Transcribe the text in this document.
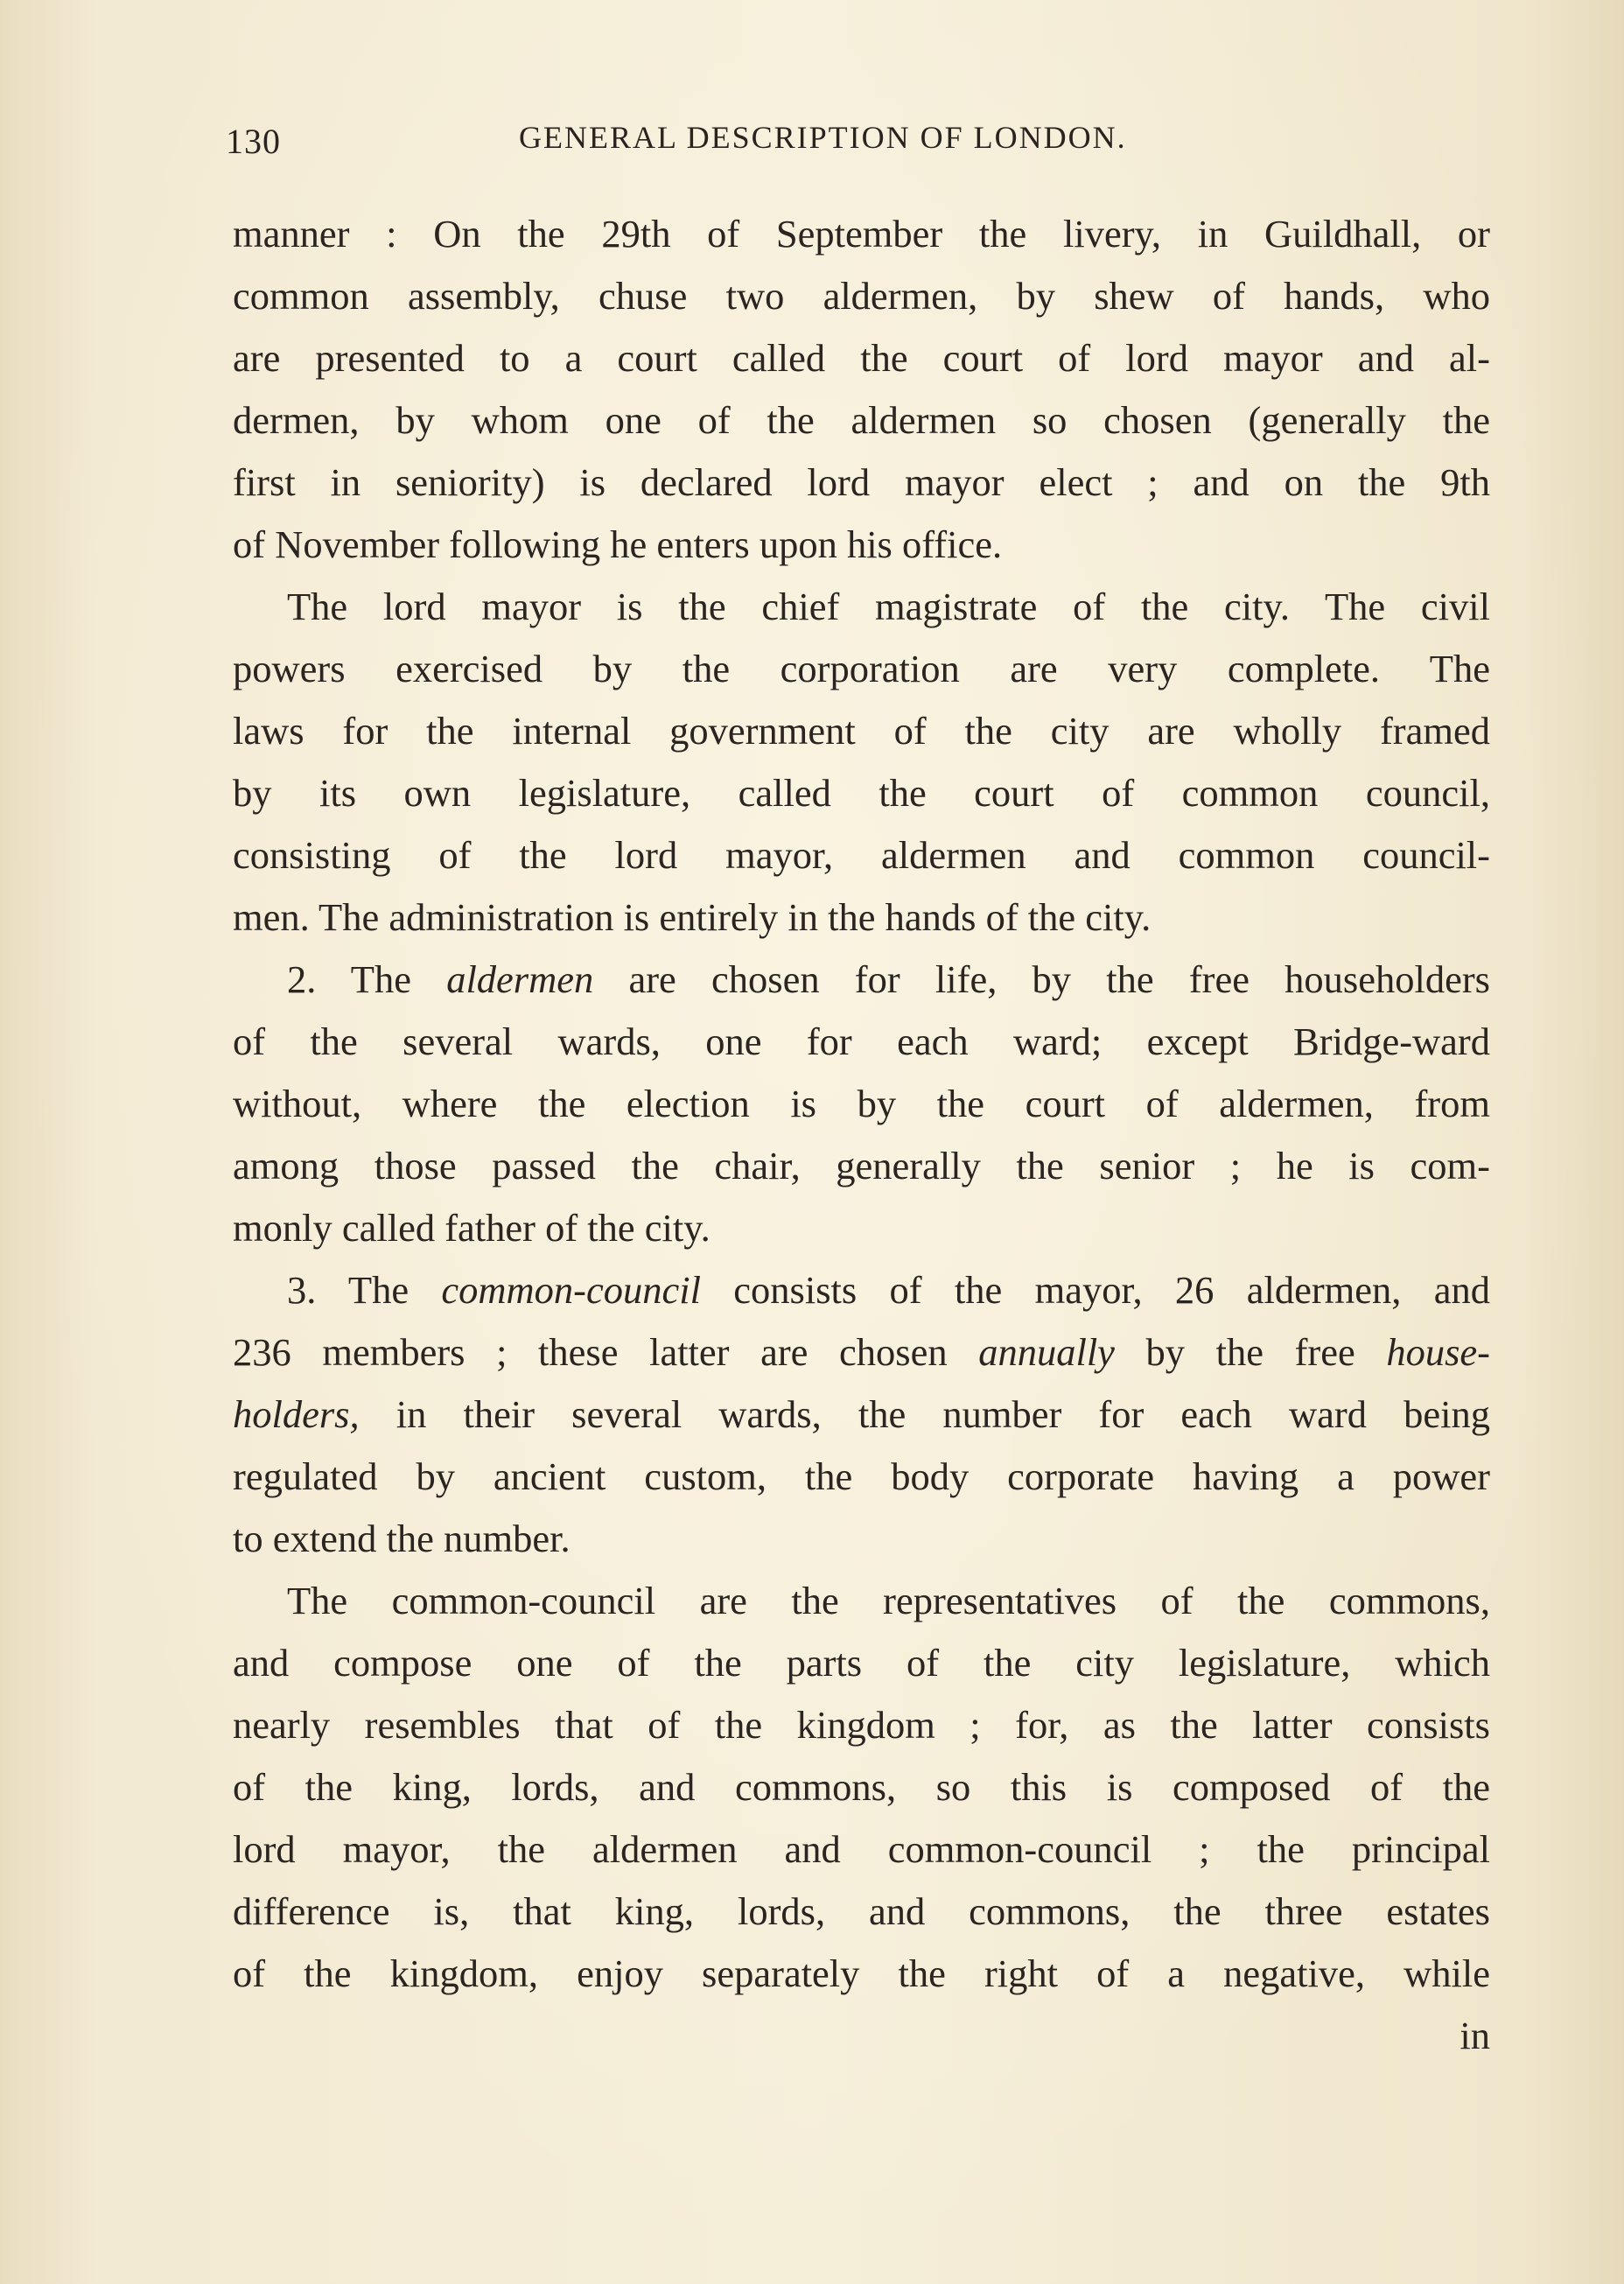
130	GENERAL DESCRIPTION OF LONDON.
manner : On the 29th of September the livery, in Guildhall, or
common assembly, chuse two aldermen, by shew of hands, who
are presented to a court called the court of lord mayor and al-
dermen, by whom one of the aldermen so chosen (generally the
first in seniority) is declared lord mayor elect ; and on the 9th
of November following he enters upon his office.
The lord mayor is the chief magistrate of the city. The civil
powers exercised by the corporation are very complete. The
laws for the internal government of the city are wholly framed
by its own legislature, called the court of common council,
consisting of the lord mayor, aldermen and common council-
men. The administration is entirely in the hands of the city.
2. The aldermen are chosen for life, by the free householders
of the several wards, one for each ward; except Bridge-ward
without, where the election is by the court of aldermen, from
among those passed the chair, generally the senior ; he is com-
monly called father of the city.
3. The common-council consists of the mayor, 26 aldermen, and
236 members ; these latter are chosen annually by the free house-
holders, in their several wards, the number for each ward being
regulated by ancient custom, the body corporate having a power
to extend the number.
The common-council are the representatives of the commons,
and compose one of the parts of the city legislature, which
nearly resembles that of the kingdom ; for, as the latter consists
of the king, lords, and commons, so this is composed of the
lord mayor, the aldermen and common-council ; the principal
difference is, that king, lords, and commons, the three estates
of the kingdom, enjoy separately the right of a negative, while
in
